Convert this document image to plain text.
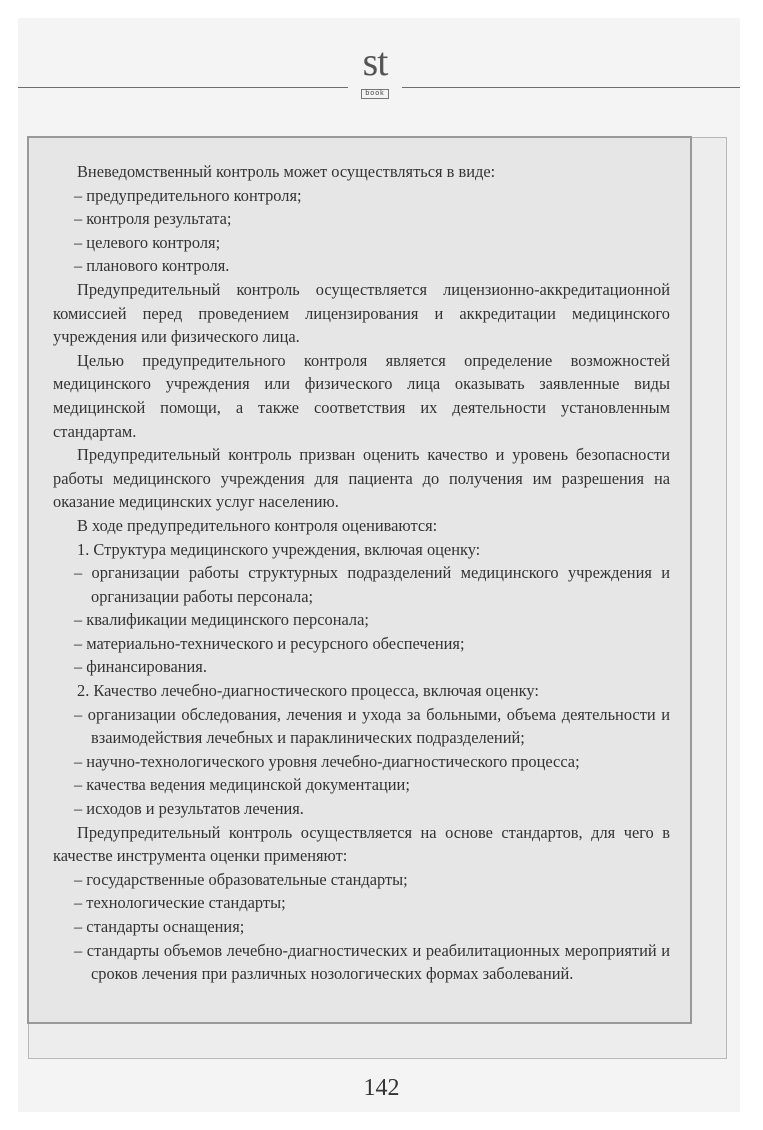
st
book

Вневедомственный контроль может осуществляться в виде:

– предупредительного контроля;

– контроля результата;

– целевого контроля;

– планового контроля.

Предупредительный контроль осуществляется лицензионно-аккредитационной комиссией перед проведением лицензирования и аккредитации медицинского учреждения или физического лица.

Целью предупредительного контроля является определение возможностей медицинского учреждения или физического лица оказывать заявленные виды медицинской помощи, а также соответствия их деятельности установленным стандартам.

Предупредительный контроль призван оценить качество и уровень безопасности работы медицинского учреждения для пациента до получения им разрешения на оказание медицинских услуг населению.

В ходе предупредительного контроля оцениваются:

1. Структура медицинского учреждения, включая оценку:

– организации работы структурных подразделений медицинского учреждения и организации работы персонала;

– квалификации медицинского персонала;

– материально-технического и ресурсного обеспечения;

– финансирования.

2. Качество лечебно-диагностического процесса, включая оценку:

– организации обследования, лечения и ухода за больными, объема деятельности и взаимодействия лечебных и параклинических подразделений;

– научно-технологического уровня лечебно-диагностического процесса;

– качества ведения медицинской документации;

– исходов и результатов лечения.

Предупредительный контроль осуществляется на основе стандартов, для чего в качестве инструмента оценки применяют:

– государственные образовательные стандарты;

– технологические стандарты;

– стандарты оснащения;

– стандарты объемов лечебно-диагностических и реабилитационных мероприятий и сроков лечения при различных нозологических формах заболеваний.

142
